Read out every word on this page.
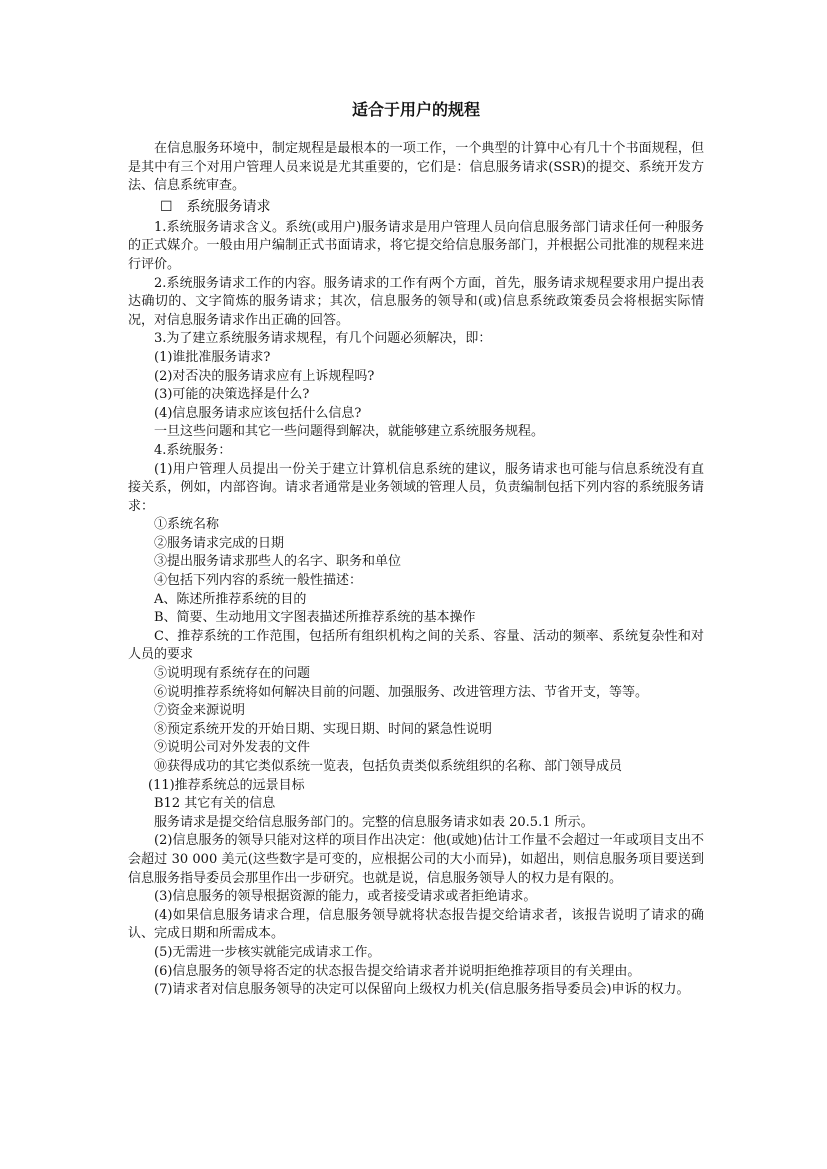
适合于用户的规程

在信息服务环境中，制定规程是最根本的一项工作，一个典型的计算中心有几十个书面规程，但是其中有三个对用户管理人员来说是尤其重要的，它们是：信息服务请求(SSR)的提交、系统开发方法、信息系统审查。

☐ 系统服务请求

1.系统服务请求含义。系统(或用户)服务请求是用户管理人员向信息服务部门请求任何一种服务的正式媒介。一般由用户编制正式书面请求，将它提交给信息服务部门，并根据公司批准的规程来进行评价。

2.系统服务请求工作的内容。服务请求的工作有两个方面，首先，服务请求规程要求用户提出表达确切的、文字简炼的服务请求；其次，信息服务的领导和(或)信息系统政策委员会将根据实际情况，对信息服务请求作出正确的回答。

3.为了建立系统服务请求规程，有几个问题必须解决，即：

(1)谁批准服务请求?

(2)对否决的服务请求应有上诉规程吗?

(3)可能的决策选择是什么?

(4)信息服务请求应该包括什么信息?

一旦这些问题和其它一些问题得到解决，就能够建立系统服务规程。

4.系统服务：

(1)用户管理人员提出一份关于建立计算机信息系统的建议，服务请求也可能与信息系统没有直接关系，例如，内部咨询。请求者通常是业务领域的管理人员，负责编制包括下列内容的系统服务请求：

①系统名称

②服务请求完成的日期

③提出服务请求那些人的名字、职务和单位

④包括下列内容的系统一般性描述：

A、陈述所推荐系统的目的

B、简要、生动地用文字图表描述所推荐系统的基本操作

C、推荐系统的工作范围，包括所有组织机构之间的关系、容量、活动的频率、系统复杂性和对人员的要求

⑤说明现有系统存在的问题

⑥说明推荐系统将如何解决目前的问题、加强服务、改进管理方法、节省开支，等等。

⑦资金来源说明

⑧预定系统开发的开始日期、实现日期、时间的紧急性说明

⑨说明公司对外发表的文件

⑩获得成功的其它类似系统一览表，包括负责类似系统组织的名称、部门领导成员

(11)推荐系统总的远景目标

B12 其它有关的信息

服务请求是提交给信息服务部门的。完整的信息服务请求如表 20.5.1 所示。

(2)信息服务的领导只能对这样的项目作出决定：他(或她)估计工作量不会超过一年或项目支出不会超过 30 000 美元(这些数字是可变的，应根据公司的大小而异)，如超出，则信息服务项目要送到信息服务指导委员会那里作出一步研究。也就是说，信息服务领导人的权力是有限的。

(3)信息服务的领导根据资源的能力，或者接受请求或者拒绝请求。

(4)如果信息服务请求合理，信息服务领导就将状态报告提交给请求者，该报告说明了请求的确认、完成日期和所需成本。

(5)无需进一步核实就能完成请求工作。

(6)信息服务的领导将否定的状态报告提交给请求者并说明拒绝推荐项目的有关理由。

(7)请求者对信息服务领导的决定可以保留向上级权力机关(信息服务指导委员会)申诉的权力。
